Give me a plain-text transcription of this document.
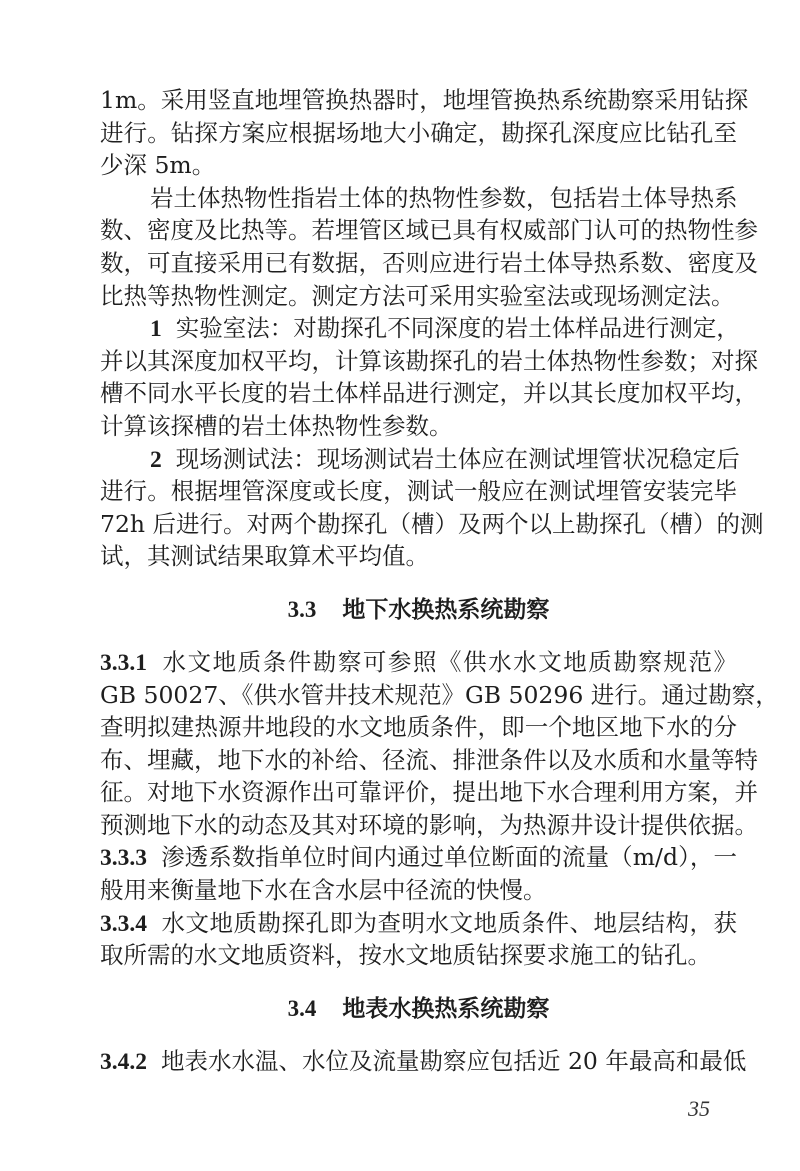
1m。采用竖直地埋管换热器时，地埋管换热系统勘察采用钻探
进行。钻探方案应根据场地大小确定，勘探孔深度应比钻孔至
少深 5m。
岩土体热物性指岩土体的热物性参数，包括岩土体导热系
数、密度及比热等。若埋管区域已具有权威部门认可的热物性参
数，可直接采用已有数据，否则应进行岩土体导热系数、密度及
比热等热物性测定。测定方法可采用实验室法或现场测定法。
1 实验室法：对勘探孔不同深度的岩土体样品进行测定，
并以其深度加权平均，计算该勘探孔的岩土体热物性参数；对探
槽不同水平长度的岩土体样品进行测定，并以其长度加权平均，
计算该探槽的岩土体热物性参数。
2 现场测试法：现场测试岩土体应在测试埋管状况稳定后
进行。根据埋管深度或长度，测试一般应在测试埋管安装完毕
72h 后进行。对两个勘探孔（槽）及两个以上勘探孔（槽）的测
试，其测试结果取算术平均值。
3.3 地下水换热系统勘察
3.3.1 水文地质条件勘察可参照《供水水文地质勘察规范》
GB 50027、《供水管井技术规范》GB 50296 进行。通过勘察，
查明拟建热源井地段的水文地质条件，即一个地区地下水的分
布、埋藏，地下水的补给、径流、排泄条件以及水质和水量等特
征。对地下水资源作出可靠评价，提出地下水合理利用方案，并
预测地下水的动态及其对环境的影响，为热源井设计提供依据。
3.3.3 渗透系数指单位时间内通过单位断面的流量（m/d），一
般用来衡量地下水在含水层中径流的快慢。
3.3.4 水文地质勘探孔即为查明水文地质条件、地层结构，获
取所需的水文地质资料，按水文地质钻探要求施工的钻孔。
3.4 地表水换热系统勘察
3.4.2 地表水水温、水位及流量勘察应包括近 20 年最高和最低
35
